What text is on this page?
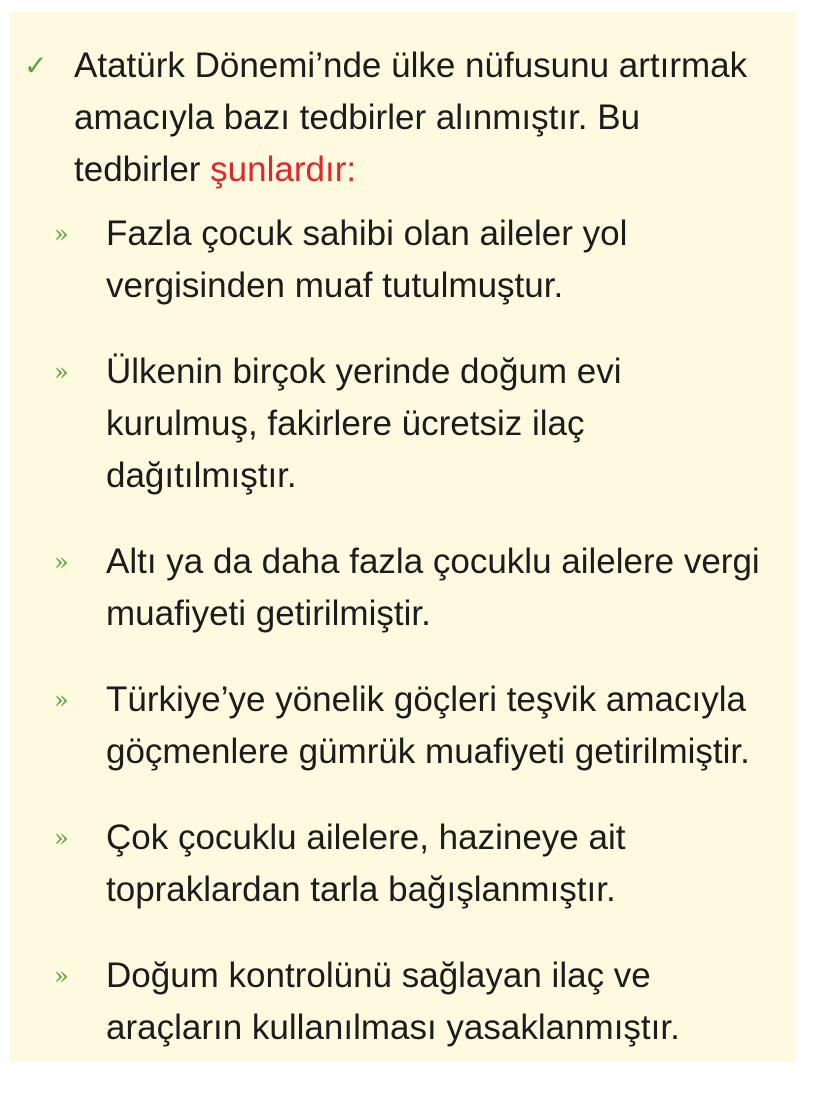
✓ Atatürk Dönemi’nde ülke nüfusunu artırmak amacıyla bazı tedbirler alınmıştır. Bu tedbirler şunlardır:
» Fazla çocuk sahibi olan aileler yol vergisinden muaf tutulmuştur.
» Ülkenin birçok yerinde doğum evi kurulmuş, fakirlere ücretsiz ilaç dağıtılmıştır.
» Altı ya da daha fazla çocuklu ailelere vergi muafiyeti getirilmiştir.
» Türkiye’ye yönelik göçleri teşvik amacıyla göçmenlere gümrük muafiyeti getirilmiştir.
» Çok çocuklu ailelere, hazineye ait topraklardan tarla bağışlanmıştır.
» Doğum kontrolünü sağlayan ilaç ve araçların kullanılması yasaklanmıştır.
